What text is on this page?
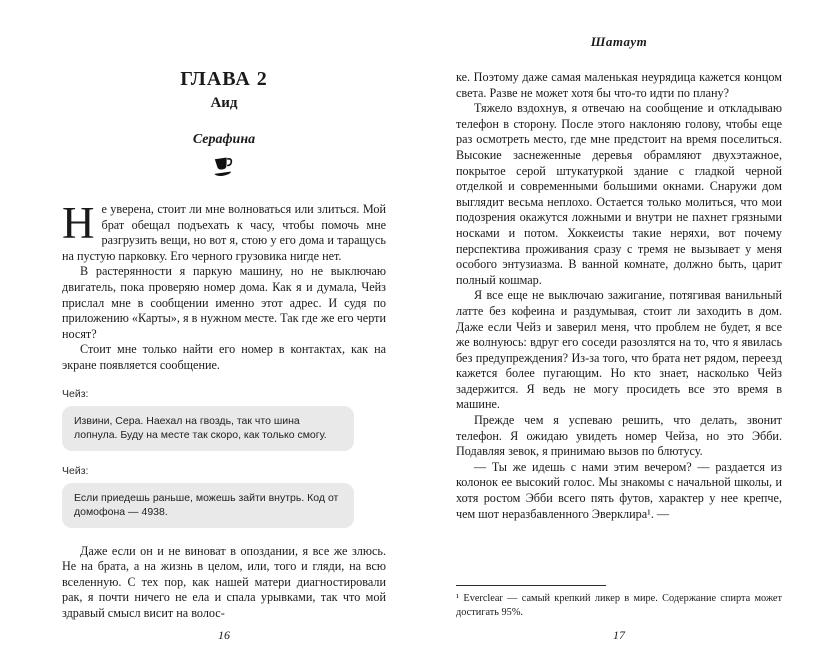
ГЛАВА 2
Аид
Серафина

Не уверена, стоит ли мне волноваться или злиться. Мой брат обещал подъехать к часу, чтобы помочь мне разгрузить вещи, но вот я, стою у его дома и таращусь на пустую парковку. Его черного грузовика нигде нет.

В растерянности я паркую машину, но не выключаю двигатель, пока проверяю номер дома. Как я и думала, Чейз прислал мне в сообщении именно этот адрес. И судя по приложению «Карты», я в нужном месте. Так где же его черти носят?

Стоит мне только найти его номер в контактах, как на экране появляется сообщение.

Чейз:
Извини, Сера. Наехал на гвоздь, так что шина лопнула. Буду на месте так скоро, как только смогу.
Чейз:
Если приедешь раньше, можешь зайти внутрь. Код от домофона — 4938.

Даже если он и не виноват в опоздании, я все же злюсь. Не на брата, а на жизнь в целом, или, того и гляди, на всю вселенную. С тех пор, как нашей матери диагностировали рак, я почти ничего не ела и спала урывками, так что мой здравый смысл висит на волос-

16
Шатаут

ке. Поэтому даже самая маленькая неурядица кажется концом света. Разве не может хотя бы что-то идти по плану?

Тяжело вздохнув, я отвечаю на сообщение и откладываю телефон в сторону. После этого наклоняю голову, чтобы еще раз осмотреть место, где мне предстоит на время поселиться. Высокие заснеженные деревья обрамляют двухэтажное, покрытое серой штукатуркой здание с гладкой черной отделкой и современными большими окнами. Снаружи дом выглядит весьма неплохо. Остается только молиться, что мои подозрения окажутся ложными и внутри не пахнет грязными носками и потом. Хоккеисты такие неряхи, вот почему перспектива проживания сразу с тремя не вызывает у меня особого энтузиазма. В ванной комнате, должно быть, царит полный кошмар.

Я все еще не выключаю зажигание, потягивая ванильный латте без кофеина и раздумывая, стоит ли заходить в дом. Даже если Чейз и заверил меня, что проблем не будет, я все же волнуюсь: вдруг его соседи разозлятся на то, что я явилась без предупреждения? Из-за того, что брата нет рядом, переезд кажется более пугающим. Но кто знает, насколько Чейз задержится. Я ведь не могу просидеть все это время в машине.

Прежде чем я успеваю решить, что делать, звонит телефон. Я ожидаю увидеть номер Чейза, но это Эбби. Подавляя зевок, я принимаю вызов по блютусу.

— Ты же идешь с нами этим вечером? — раздается из колонок ее высокий голос. Мы знакомы с начальной школы, и хотя ростом Эбби всего пять футов, характер у нее крепче, чем шот неразбавленного Эверклира¹. —

¹ Everclear — самый крепкий ликер в мире. Содержание спирта может достигать 95%.
17
